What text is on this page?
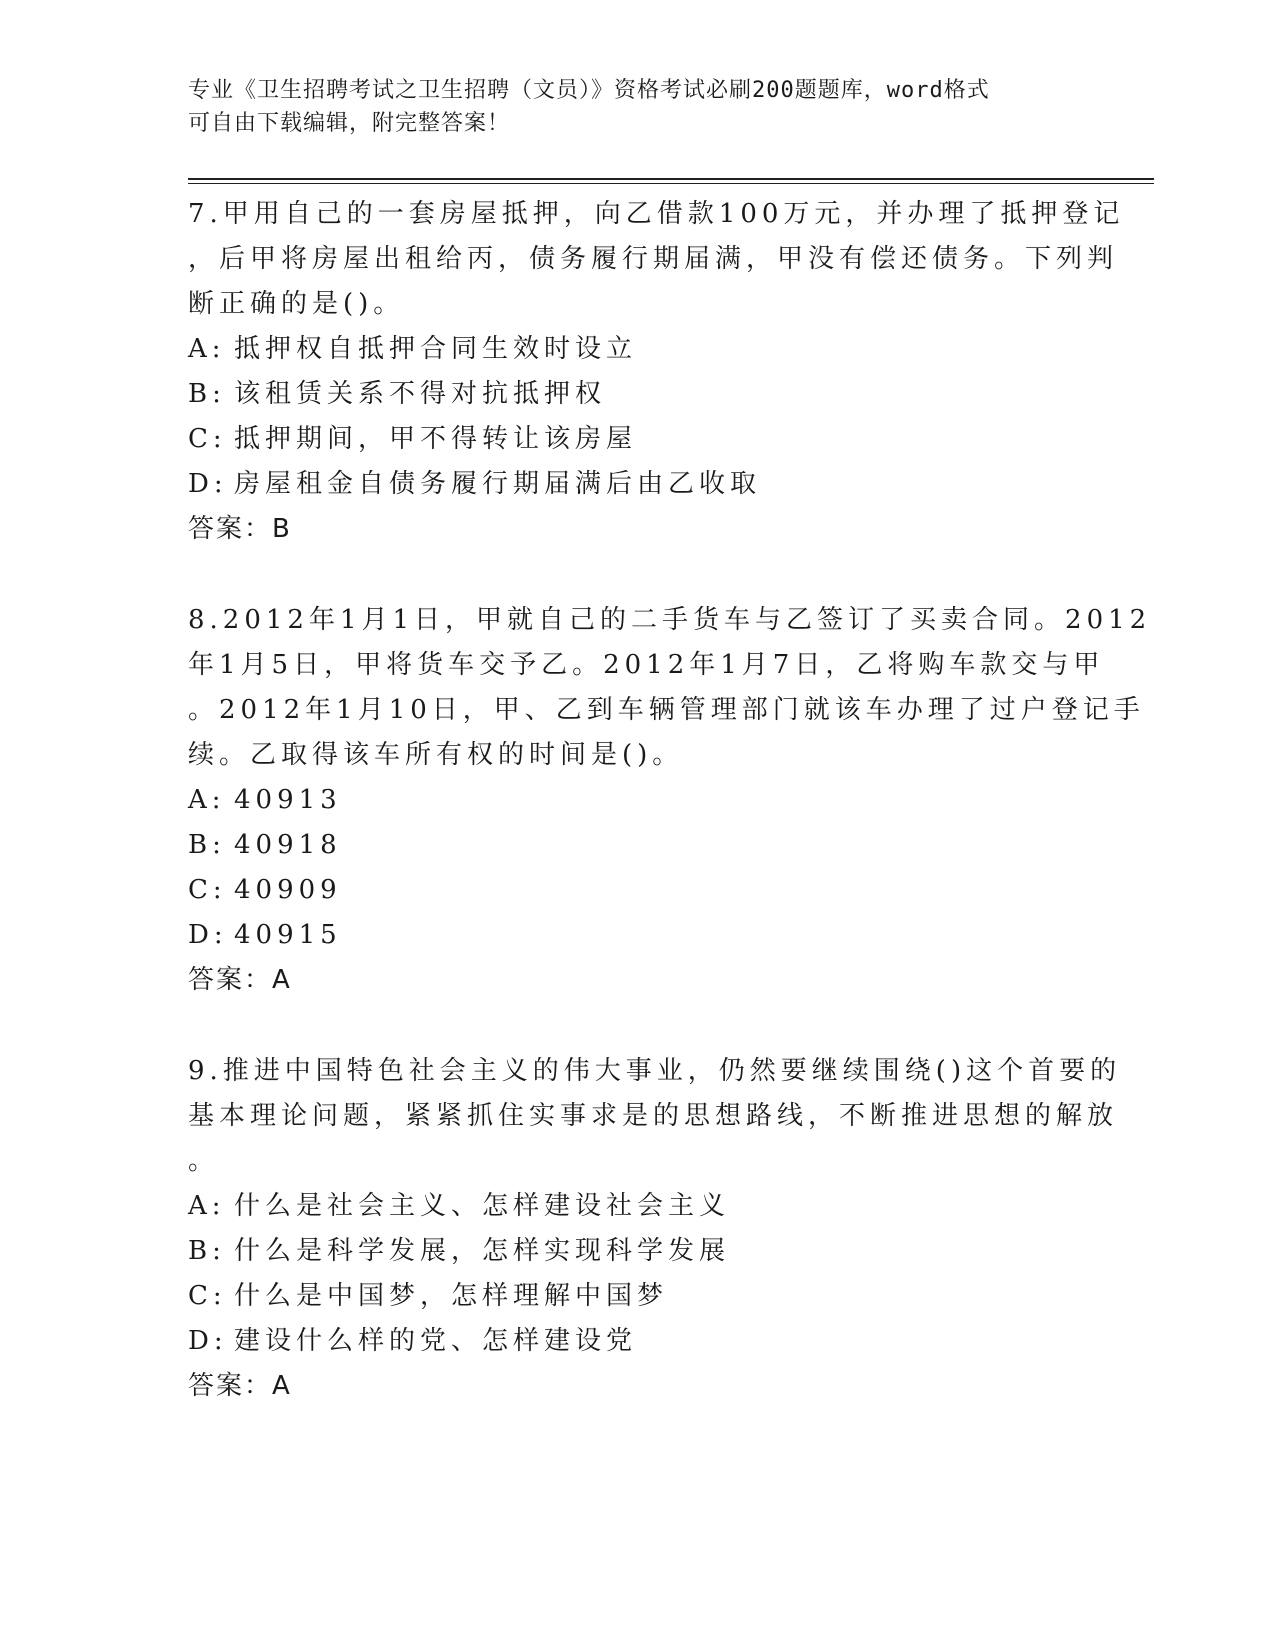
专业《卫生招聘考试之卫生招聘（文员）》资格考试必刷200题题库，word格式
可自由下载编辑，附完整答案！
7.甲用自己的一套房屋抵押，向乙借款100万元，并办理了抵押登记
，后甲将房屋出租给丙，债务履行期届满，甲没有偿还债务。下列判
断正确的是()。
A: 抵押权自抵押合同生效时设立
B: 该租赁关系不得对抗抵押权
C: 抵押期间，甲不得转让该房屋
D: 房屋租金自债务履行期届满后由乙收取
答案：B
8.2012年1月1日，甲就自己的二手货车与乙签订了买卖合同。2012
年1月5日，甲将货车交予乙。2012年1月7日，乙将购车款交与甲
。2012年1月10日，甲、乙到车辆管理部门就该车办理了过户登记手
续。乙取得该车所有权的时间是()。
A: 40913
B: 40918
C: 40909
D: 40915
答案：A
9.推进中国特色社会主义的伟大事业，仍然要继续围绕()这个首要的
基本理论问题，紧紧抓住实事求是的思想路线，不断推进思想的解放
。
A: 什么是社会主义、怎样建设社会主义
B: 什么是科学发展，怎样实现科学发展
C: 什么是中国梦，怎样理解中国梦
D: 建设什么样的党、怎样建设党
答案：A
